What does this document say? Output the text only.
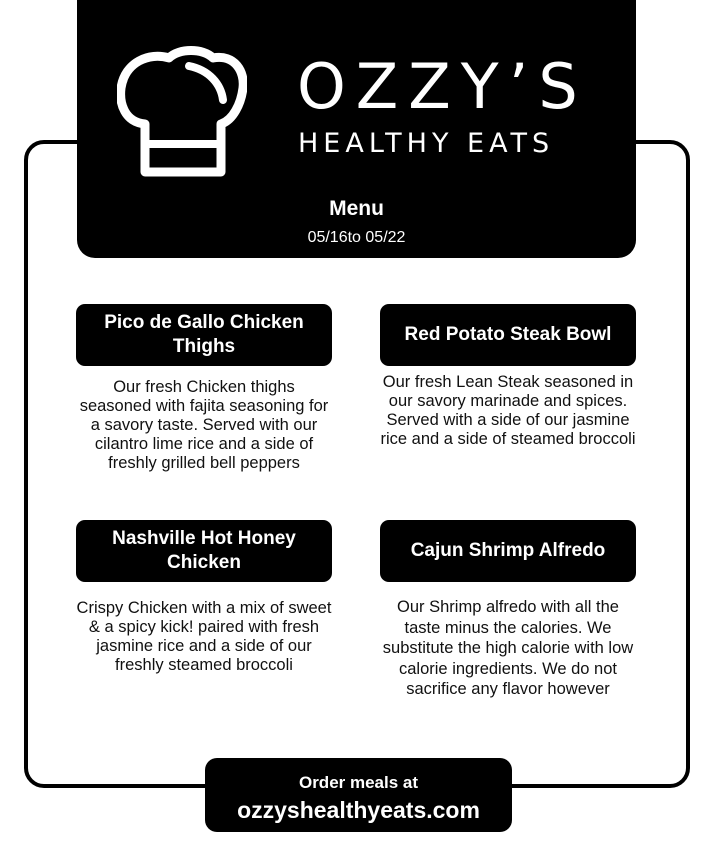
OZZY’S
HEALTHY EATS
Menu
05/16to 05/22
Pico de Gallo Chicken Thighs
Our fresh Chicken thighs seasoned with fajita seasoning for a savory taste. Served with our cilantro lime rice and a side of freshly grilled bell peppers
Red Potato Steak Bowl
Our fresh Lean Steak seasoned in our savory marinade and spices. Served with a side of our jasmine rice and a side of steamed broccoli
Nashville Hot Honey Chicken
Crispy Chicken with a mix of sweet & a spicy kick! paired with fresh jasmine rice and a side of our freshly steamed broccoli
Cajun Shrimp Alfredo
Our Shrimp alfredo with all the taste minus the calories. We substitute the high calorie with low calorie ingredients. We do not sacrifice any flavor however
Order meals at
ozzyshealthyeats.com
